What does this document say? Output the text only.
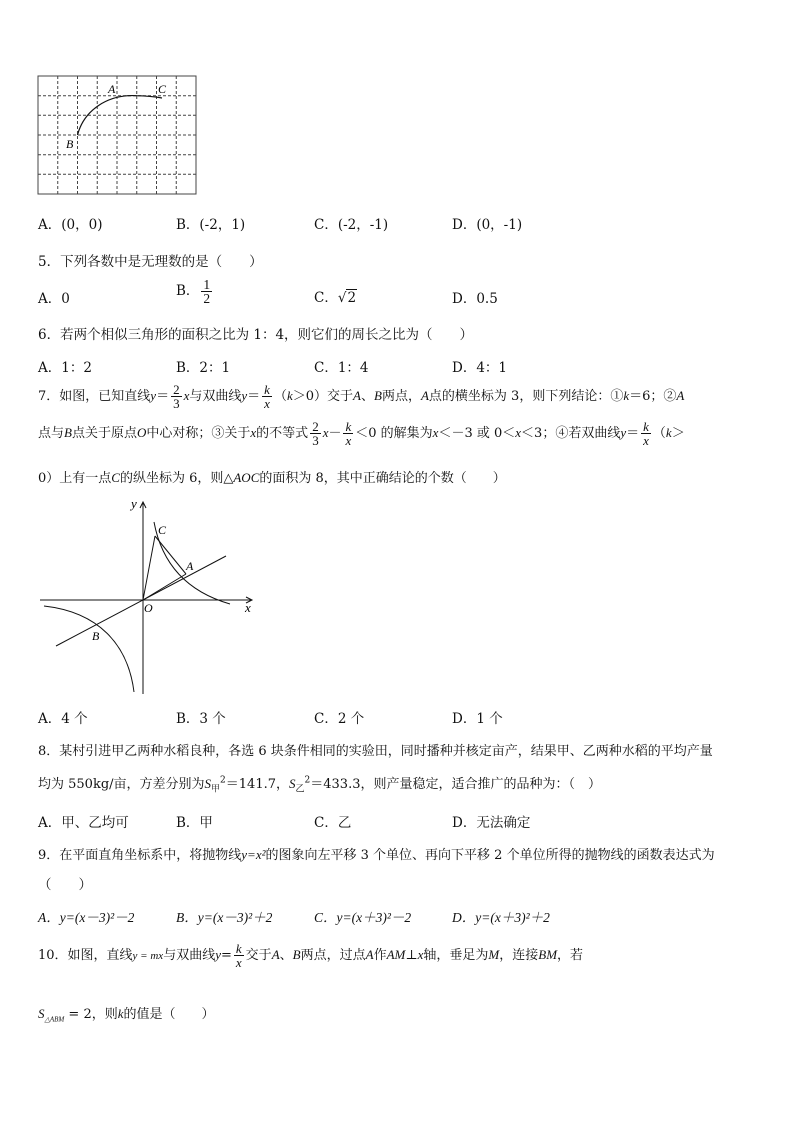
A	C
B
A．(0，0)	B．(-2，1)	C．(-2，-1)	D．(0，-1)
5．下列各数中是无理数的是（　　）
A．0	B． $\frac{1}{2}$	C．√2	D．0.5
6．若两个相似三角形的面积之比为 1：4，则它们的周长之比为（　　）
A．1：2	B．2：1	C．1：4	D．4：1
7．如图，已知直线$y= \frac{2}{3}$ x与双曲线$y= \frac{k}{x} (k>0)$交于A、B两点，A点的横坐标为 3，则下列结论：①k＝6；②A
点与B点关于原点O中心对称；③关于x的不等式 $\frac{2}{3} x- \frac{k}{x} <0$ 的解集为x＜－3 或 0＜x＜3；④若双曲线$y= \frac{k}{x} (k>$
0）上有一点C的纵坐标为 6，则△AOC的面积为 8，其中正确结论的个数（　　）
y
x
O
C
A
B
A．4 个	B．3 个	C．2 个	D．1 个
8．某村引进甲乙两种水稻良种，各选 6 块条件相同的实验田，同时播种并核定亩产，结果甲、乙两种水稻的平均产量
均为 550kg/亩，方差分别为$S_甲^2=141.7$，$S_乙^2=433.3$，则产量稳定，适合推广的品种为：（　）
A．甲、乙均可	B．甲	C．乙	D．无法确定
9．在平面直角坐标系中，将抛物线y=x²的图象向左平移 3 个单位、再向下平移 2 个单位所得的抛物线的函数表达式为
（　　）
A．y=(x－3)²－2	B．y=(x－3)²＋2	C．y=(x＋3)²－2	D．y=(x＋3)²＋2
10．如图，直线y = mx与双曲线$y= \frac{k}{x}$ 交于A、B两点，过点A作AM⊥x轴，垂足为M，连接BM，若
$S_{\triangle ABM} = 2$，则k的值是（　　）
